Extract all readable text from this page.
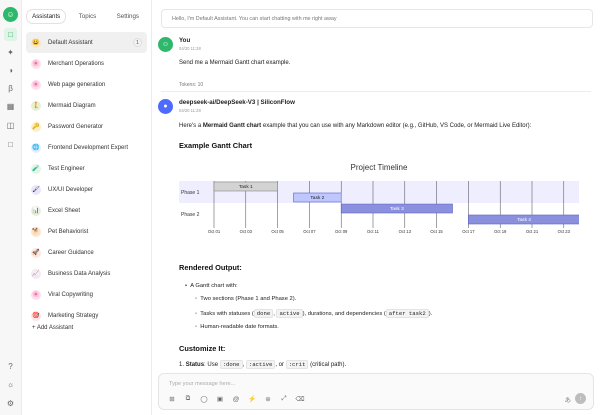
☺
□
✦
◑
β
▦
◫
□
?
☼
⚙
Assistants	Topics	Settings
😀 Default Assistant	1
🌸 Merchant Operations
🌸 Web page generation
🧜 Mermaid Diagram
🔑 Password Generator
🌐 Frontend Development Expert
🧪 Test Engineer
🖌 UX/UI Developer
📊 Excel Sheet
🐕 Pet Behaviorist
🚀 Career Guidance
📈 Business Data Analysis
🌸 Viral Copywriting
🎯 Marketing Strategy
+ Add Assistant
Hello, I'm Default Assistant. You can start chatting with me right away
☺
You
04/20 11:28
Send me a Mermaid Gantt chart example.
Tokens: 10
●
deepseek-ai/DeepSeek-V3 | SiliconFlow
04/20 11:28
Here's a Mermaid Gantt chart example that you can use with any Markdown editor (e.g., GitHub, VS Code, or Mermaid Live Editor):
Example Gantt Chart
Project Timeline
Oct 01	Oct 03	Oct 05	Oct 07	Oct 09	Oct 11	Oct 13	Oct 15	Oct 17	Oct 19	Oct 21	Oct 23
Phase 1
Phase 2
Task 1
Task 2
Task 3
Task 4
Rendered Output:
•  A Gantt chart with:
◦  Two sections (Phase 1 and Phase 2).
◦  Tasks with statuses ( done , active ), durations, and dependencies ( after task2 ).
◦  Human-readable date formats.
Customize It:
1. Status: Use :done , :active , or :crit (critical path).
Type your message here...
⊞	⧉	◯ ▣ @ ⚡	⊜	⤢	⌫	あ	↑
